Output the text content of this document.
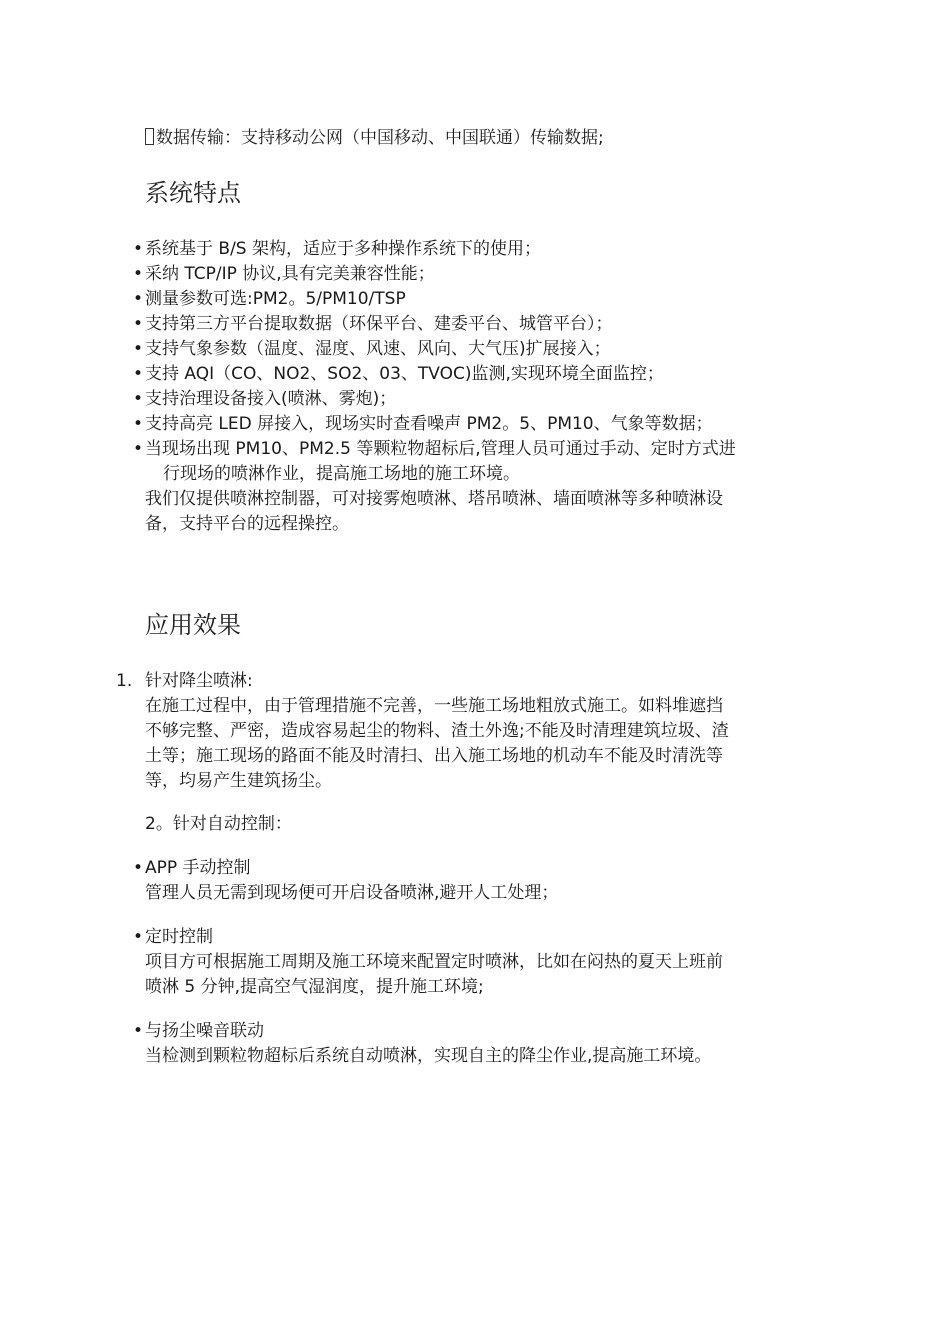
数据传输：支持移动公网（中国移动、中国联通）传输数据;
系统特点
• 系统基于 B/S 架构，适应于多种操作系统下的使用；
• 采纳 TCP/IP 协议,具有完美兼容性能；
• 测量参数可选:PM2。5/PM10/TSP
• 支持第三方平台提取数据（环保平台、建委平台、城管平台）；
• 支持气象参数（温度、湿度、风速、风向、大气压)扩展接入；
• 支持 AQI（CO、NO2、SO2、03、TVOC)监测,实现环境全面监控；
• 支持治理设备接入(喷淋、雾炮)；
• 支持高亮 LED 屏接入，现场实时查看噪声 PM2。5、PM10、气象等数据；
• 当现场出现 PM10、PM2.5 等颗粒物超标后,管理人员可通过手动、定时方式进
行现场的喷淋作业，提高施工场地的施工环境。
我们仅提供喷淋控制器，可对接雾炮喷淋、塔吊喷淋、墙面喷淋等多种喷淋设
备，支持平台的远程操控。
应用效果
1. 针对降尘喷淋:
在施工过程中，由于管理措施不完善，一些施工场地粗放式施工。如料堆遮挡
不够完整、严密，造成容易起尘的物料、渣土外逸;不能及时清理建筑垃圾、渣
土等；施工现场的路面不能及时清扫、出入施工场地的机动车不能及时清洗等
等，均易产生建筑扬尘。
2。针对自动控制：
• APP 手动控制
管理人员无需到现场便可开启设备喷淋,避开人工处理；
• 定时控制
项目方可根据施工周期及施工环境来配置定时喷淋，比如在闷热的夏天上班前
喷淋 5 分钟,提高空气湿润度，提升施工环境;
• 与扬尘噪音联动
当检测到颗粒物超标后系统自动喷淋，实现自主的降尘作业,提高施工环境。
